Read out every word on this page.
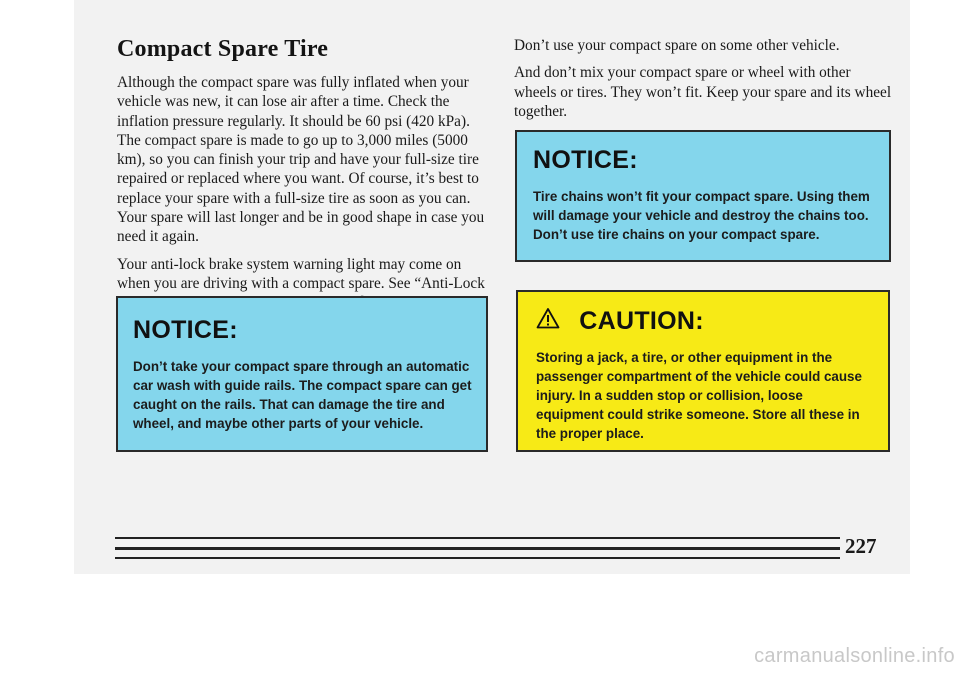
Compact Spare Tire

Although the compact spare was fully inflated when your vehicle was new, it can lose air after a time. Check the inflation pressure regularly. It should be 60 psi (420 kPa). The compact spare is made to go up to 3,000 miles (5000 km), so you can finish your trip and have your full-size tire repaired or replaced where you want. Of course, it’s best to replace your spare with a full-size tire as soon as you can. Your spare will last longer and be in good shape in case you need it again.

Your anti-lock brake system warning light may come on when you are driving with a compact spare. See “Anti-Lock

NOTICE:
Don’t take your compact spare through an automatic car wash with guide rails. The compact spare can get caught on the rails. That can damage the tire and wheel, and maybe other parts of your vehicle.

Don’t use your compact spare on some other vehicle.

And don’t mix your compact spare or wheel with other wheels or tires. They won’t fit. Keep your spare and its wheel together.

NOTICE:
Tire chains won’t fit your compact spare. Using them will damage your vehicle and destroy the chains too. Don’t use tire chains on your compact spare.
CAUTION:
Storing a jack, a tire, or other equipment in the passenger compartment of the vehicle could cause injury. In a sudden stop or collision, loose equipment could strike someone. Store all these in the proper place.
227
carmanualsonline.info
